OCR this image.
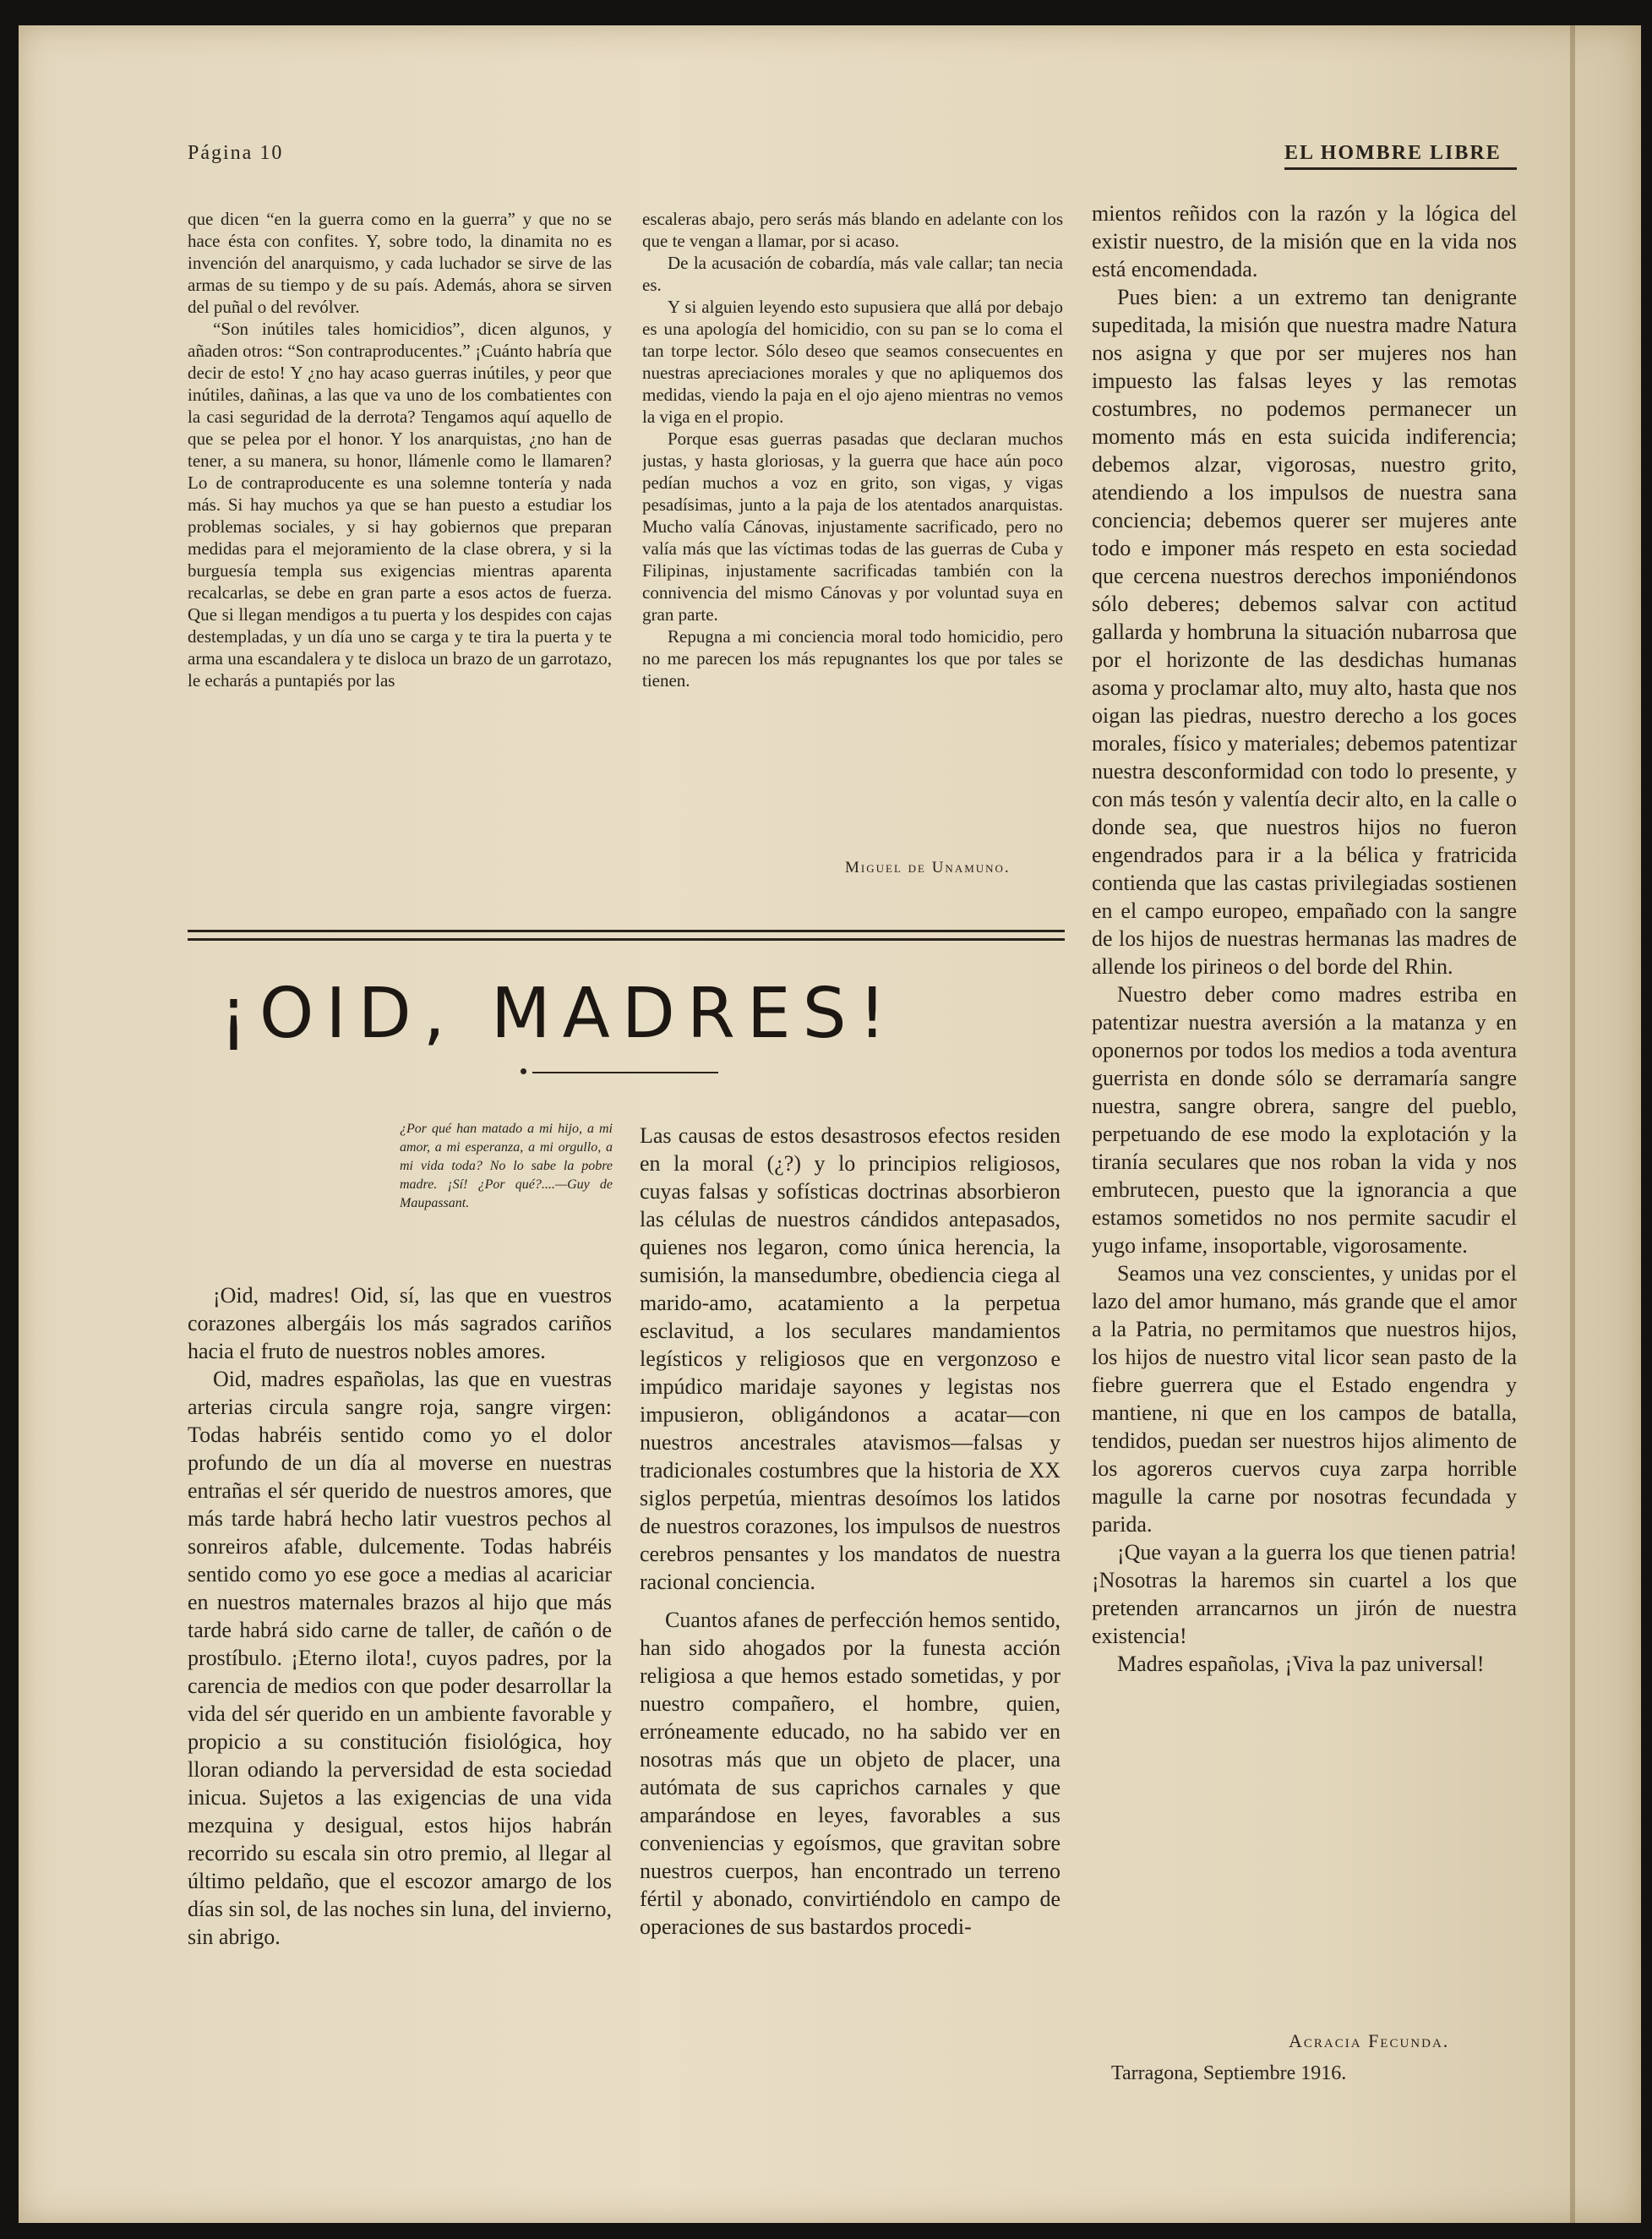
Página 10	EL HOMBRE LIBRE

que dicen “en la guerra como en la guerra” y que no se hace ésta con confites. Y, sobre todo, la dinamita no es invención del anarquismo, y cada luchador se sirve de las armas de su tiempo y de su país. Además, ahora se sirven del puñal o del revólver.

“Son inútiles tales homicidios”, dicen algunos, y añaden otros: “Son contraproducentes.” ¡Cuánto habría que decir de esto! Y ¿no hay acaso guerras inútiles, y peor que inútiles, dañinas, a las que va uno de los combatientes con la casi seguridad de la derrota? Tengamos aquí aquello de que se pelea por el honor. Y los anarquistas, ¿no han de tener, a su manera, su honor, llámenle como le llamaren? Lo de contraproducente es una solemne tontería y nada más. Si hay muchos ya que se han puesto a estudiar los problemas sociales, y si hay gobiernos que preparan medidas para el mejoramiento de la clase obrera, y si la burguesía templa sus exigencias mientras aparenta recalcarlas, se debe en gran parte a esos actos de fuerza. Que si llegan mendigos a tu puerta y los despides con cajas destempladas, y un día uno se carga y te tira la puerta y te arma una escandalera y te disloca un brazo de un garrotazo, le echarás a puntapiés por las

escaleras abajo, pero serás más blando en adelante con los que te vengan a llamar, por si acaso.

De la acusación de cobardía, más vale callar; tan necia es.

Y si alguien leyendo esto supusiera que allá por debajo es una apología del homicidio, con su pan se lo coma el tan torpe lector. Sólo deseo que seamos consecuentes en nuestras apreciaciones morales y que no apliquemos dos medidas, viendo la paja en el ojo ajeno mientras no vemos la viga en el propio.

Porque esas guerras pasadas que declaran muchos justas, y hasta gloriosas, y la guerra que hace aún poco pedían muchos a voz en grito, son vigas, y vigas pesadísimas, junto a la paja de los atentados anarquistas. Mucho valía Cánovas, injustamente sacrificado, pero no valía más que las víctimas todas de las guerras de Cuba y Filipinas, injustamente sacrificadas también con la connivencia del mismo Cánovas y por voluntad suya en gran parte.

Repugna a mi conciencia moral todo homicidio, pero no me parecen los más repugnantes los que por tales se tienen.

Miguel de Unamuno.
¡OID, MADRES!
¿Por qué han matado a mi hijo, a mi amor, a mi esperanza, a mi orgullo, a mi vida toda? No lo sabe la pobre madre. ¡Sí! ¿Por qué?....—Guy de Maupassant.

¡Oid, madres! Oid, sí, las que en vuestros corazones albergáis los más sagrados cariños hacia el fruto de nuestros nobles amores.

Oid, madres españolas, las que en vuestras arterias circula sangre roja, sangre virgen: Todas habréis sentido como yo el dolor profundo de un día al moverse en nuestras entrañas el sér querido de nuestros amores, que más tarde habrá hecho latir vuestros pechos al sonreiros afable, dulcemente. Todas habréis sentido como yo ese goce a medias al acariciar en nuestros maternales brazos al hijo que más tarde habrá sido carne de taller, de cañón o de prostíbulo. ¡Eterno ilota!, cuyos padres, por la carencia de medios con que poder desarrollar la vida del sér querido en un ambiente favorable y propicio a su constitución fisiológica, hoy lloran odiando la perversidad de esta sociedad inicua. Sujetos a las exigencias de una vida mezquina y desigual, estos hijos habrán recorrido su escala sin otro premio, al llegar al último peldaño, que el escozor amargo de los días sin sol, de las noches sin luna, del invierno, sin abrigo.

Las causas de estos desastrosos efectos residen en la moral (¿?) y lo principios religiosos, cuyas falsas y sofísticas doctrinas absorbieron las células de nuestros cándidos antepasados, quienes nos legaron, como única herencia, la sumisión, la mansedumbre, obediencia ciega al marido-amo, acatamiento a la perpetua esclavitud, a los seculares mandamientos legísticos y religiosos que en vergonzoso e impúdico maridaje sayones y legistas nos impusieron, obligándonos a acatar—con nuestros ancestrales atavismos—falsas y tradicionales costumbres que la historia de XX siglos perpetúa, mientras desoímos los latidos de nuestros corazones, los impulsos de nuestros cerebros pensantes y los mandatos de nuestra racional conciencia.

Cuantos afanes de perfección hemos sentido, han sido ahogados por la funesta acción religiosa a que hemos estado sometidas, y por nuestro compañero, el hombre, quien, erróneamente educado, no ha sabido ver en nosotras más que un objeto de placer, una autómata de sus caprichos carnales y que amparándose en leyes, favorables a sus conveniencias y egoísmos, que gravitan sobre nuestros cuerpos, han encontrado un terreno fértil y abonado, convirtiéndolo en campo de operaciones de sus bastardos procedi-

mientos reñidos con la razón y la lógica del existir nuestro, de la misión que en la vida nos está encomendada.

Pues bien: a un extremo tan denigrante supeditada, la misión que nuestra madre Natura nos asigna y que por ser mujeres nos han impuesto las falsas leyes y las remotas costumbres, no podemos permanecer un momento más en esta suicida indiferencia; debemos alzar, vigorosas, nuestro grito, atendiendo a los impulsos de nuestra sana conciencia; debemos querer ser mujeres ante todo e imponer más respeto en esta sociedad que cercena nuestros derechos imponiéndonos sólo deberes; debemos salvar con actitud gallarda y hombruna la situación nubarrosa que por el horizonte de las desdichas humanas asoma y proclamar alto, muy alto, hasta que nos oigan las piedras, nuestro derecho a los goces morales, físico y materiales; debemos patentizar nuestra desconformidad con todo lo presente, y con más tesón y valentía decir alto, en la calle o donde sea, que nuestros hijos no fueron engendrados para ir a la bélica y fratricida contienda que las castas privilegiadas sostienen en el campo europeo, empañado con la sangre de los hijos de nuestras hermanas las madres de allende los pirineos o del borde del Rhin.

Nuestro deber como madres estriba en patentizar nuestra aversión a la matanza y en oponernos por todos los medios a toda aventura guerrista en donde sólo se derramaría sangre nuestra, sangre obrera, sangre del pueblo, perpetuando de ese modo la explotación y la tiranía seculares que nos roban la vida y nos embrutecen, puesto que la ignorancia a que estamos sometidos no nos permite sacudir el yugo infame, insoportable, vigorosamente.

Seamos una vez conscientes, y unidas por el lazo del amor humano, más grande que el amor a la Patria, no permitamos que nuestros hijos, los hijos de nuestro vital licor sean pasto de la fiebre guerrera que el Estado engendra y mantiene, ni que en los campos de batalla, tendidos, puedan ser nuestros hijos alimento de los agoreros cuervos cuya zarpa horrible magulle la carne por nosotras fecundada y parida.

¡Que vayan a la guerra los que tienen patria! ¡Nosotras la haremos sin cuartel a los que pretenden arrancarnos un jirón de nuestra existencia!

Madres españolas, ¡Viva la paz universal!

Acracia Fecunda.
Tarragona, Septiembre 1916.
